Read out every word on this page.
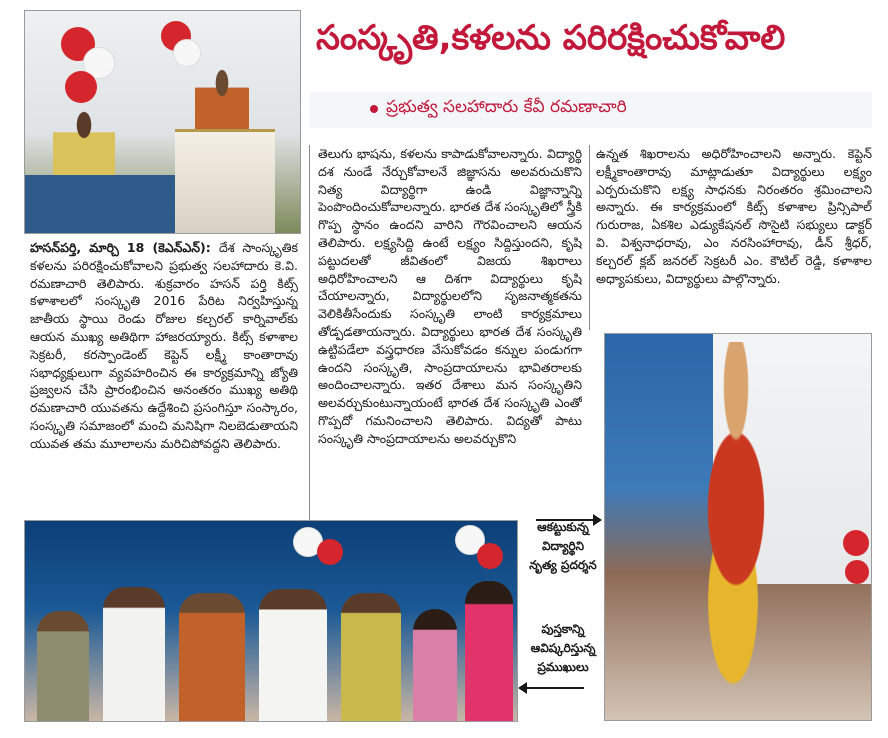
సంస్కృతి,కళలను పరిరక్షించుకోవాలి
ప్రభుత్వ సలహాదారు కేవీ రమణాచారి
హసన్‌పర్తి, మార్చి 18 (కెఎన్‌ఎన్): దేశ సాంస్కృతిక కళలను పరిరక్షించుకోవాలని ప్రభుత్వ సలహాదారు కె.వి. రమణాచారి తెలిపారు. శుక్రవారం హసన్ పర్తి కిట్స్ కళాశాలలో సంస్కృతి 2016 పేరిట నిర్వహిస్తున్న జాతీయ స్థాయి రెండు రోజుల కల్చరల్ కార్నివాల్‌కు ఆయన ముఖ్య అతిథిగా హాజరయ్యారు. కిట్స్ కళాశాల సెక్రటరీ, కరస్పాండెంట్ కెప్టెన్ లక్ష్మీ కాంతారావు సభాధ్యక్షులుగా వ్యవహరించిన ఈ కార్యక్రమాన్ని జ్యోతి ప్రజ్వలన చేసి ప్రారంభించిన అనంతరం ముఖ్య అతిథి రమణాచారి యువతను ఉద్దేశించి ప్రసంగిస్తూ సంస్కారం, సంస్కృతి సమాజంలో మంచి మనిషిగా నిలబెడుతాయని యువత తమ మూలాలను మరిచిపోవద్దని తెలిపారు.
తెలుగు భాషను, కళలను కాపాడుకోవాలన్నారు. విద్యార్థి దశ నుండే నేర్చుకోవాలనే జిజ్ఞాసను అలవరుచుకొని నిత్య విద్యార్థిగా ఉండి విజ్ఞాన్నాన్ని పెంపొందించుకోవాలన్నారు. భారత దేశ సంస్కృతిలో స్త్రీకి గొప్ప స్థానం ఉందని వారిని గౌరవించాలని ఆయన తెలిపారు. లక్ష్యసిద్ది ఉంటే లక్ష్యం సిద్దిస్తుందని, కృషి పట్టుదలతో జీవితంలో విజయ శిఖరాలు అధిరోహించాలని ఆ దిశగా విద్యార్థులు కృషి చేయాలన్నారు, విద్యార్థులలోని సృజనాత్మకతను వెలికితీసేందుకు సంస్కృతి లాంటి కార్యక్రమాలు తోడ్పడతాయన్నారు. విద్యార్థులు భారత దేశ సంస్కృతి ఉట్టిపడేలా వస్త్రధారణ వేసుకోవడం కన్నుల పండుగగా ఉందని సంస్కృతి, సాంప్రదాయాలను భావితరాలకు అందించాలన్నారు. ఇతర దేశాలు మన సంస్కృతిని అలవర్చుకుంటున్నాయంటే భారత దేశ సంస్కృతి ఎంతో గొప్పదో గమనించాలని తెలిపారు. విద్యతో పాటు సంస్కృతి సాంప్రదాయాలను అలవర్చుకొని
ఉన్నత శిఖరాలను అధిరోహించాలని అన్నారు. కెప్టెన్ లక్ష్మీకాంతారావు మాట్లాడుతూ విద్యార్థులు లక్ష్యం ఎర్పరుచుకొని లక్ష్య సాధనకు నిరంతరం శ్రమించాలని అన్నారు. ఈ కార్యక్రమంలో కిట్స్ కళాశాల ప్రిన్సిపాల్ గురురాజ, ఏకశిల ఎడ్యుకేషనల్ సొసైటి సభ్యులు డాక్టర్ వి. విశ్వనాధరావు, ఎం నరసింహారావు, డీన్ శ్రీధర్, కల్చరల్ క్లబ్ జనరల్ సెక్రటరీ ఎం. కౌటిల్ రెడ్డి, కళాశాల అధ్యాపకులు, విద్యార్థులు పాల్గొన్నారు.
ఆకట్టుకున్న విద్యార్థిని నృత్య ప్రదర్శన
పుస్తకాన్ని ఆవిష్కరిస్తున్న ప్రముఖులు
